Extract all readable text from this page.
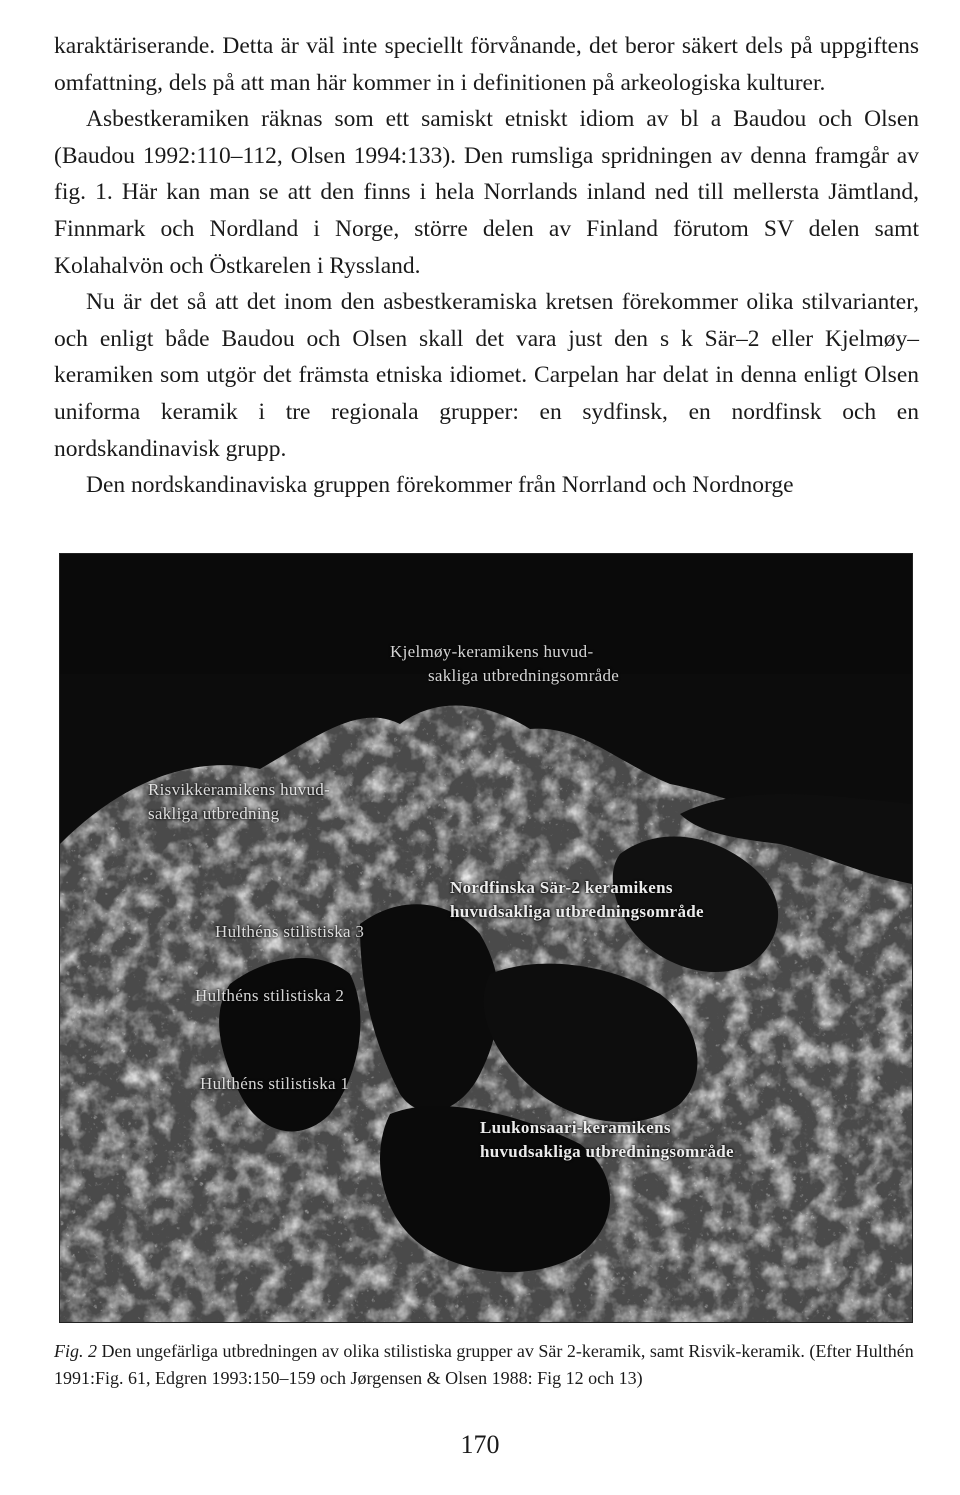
karaktäriserande. Detta är väl inte speciellt förvånande, det beror säkert dels på uppgiftens omfattning, dels på att man här kommer in i definitionen på arkeologiska kulturer.

Asbestkeramiken räknas som ett samiskt etniskt idiom av bl a Baudou och Olsen (Baudou 1992:110–112, Olsen 1994:133). Den rumsliga spridningen av denna framgår av fig. 1. Här kan man se att den finns i hela Norrlands inland ned till mellersta Jämtland, Finnmark och Nordland i Norge, större delen av Finland förutom SV delen samt Kolahalvön och Östkarelen i Ryssland.

Nu är det så att det inom den asbestkeramiska kretsen förekommer olika stilvarianter, och enligt både Baudou och Olsen skall det vara just den s k Sär–2 eller Kjelmøy–keramiken som utgör det främsta etniska idiomet. Carpelan har delat in denna enligt Olsen uniforma keramik i tre regionala grupper: en sydfinsk, en nordfinsk och en nordskandinavisk grupp.

Den nordskandinaviska gruppen förekommer från Norrland och Nordnorge

Kjelmøy-keramikens huvud-
sakliga utbredningsområde
Risvikkeramikens huvud-
sakliga utbredning
Nordfinska Sär-2 keramikens
huvudsakliga utbredningsområde
Hulthéns stilistiska 3
Hulthéns stilistiska 2
Hulthéns stilistiska 1
Luukonsaari-keramikens
huvudsakliga utbredningsområde

Fig. 2 Den ungefärliga utbredningen av olika stilistiska grupper av Sär 2-keramik, samt Risvik-keramik. (Efter Hulthén 1991:Fig. 61, Edgren 1993:150–159 och Jørgensen & Olsen 1988: Fig 12 och 13)

170
